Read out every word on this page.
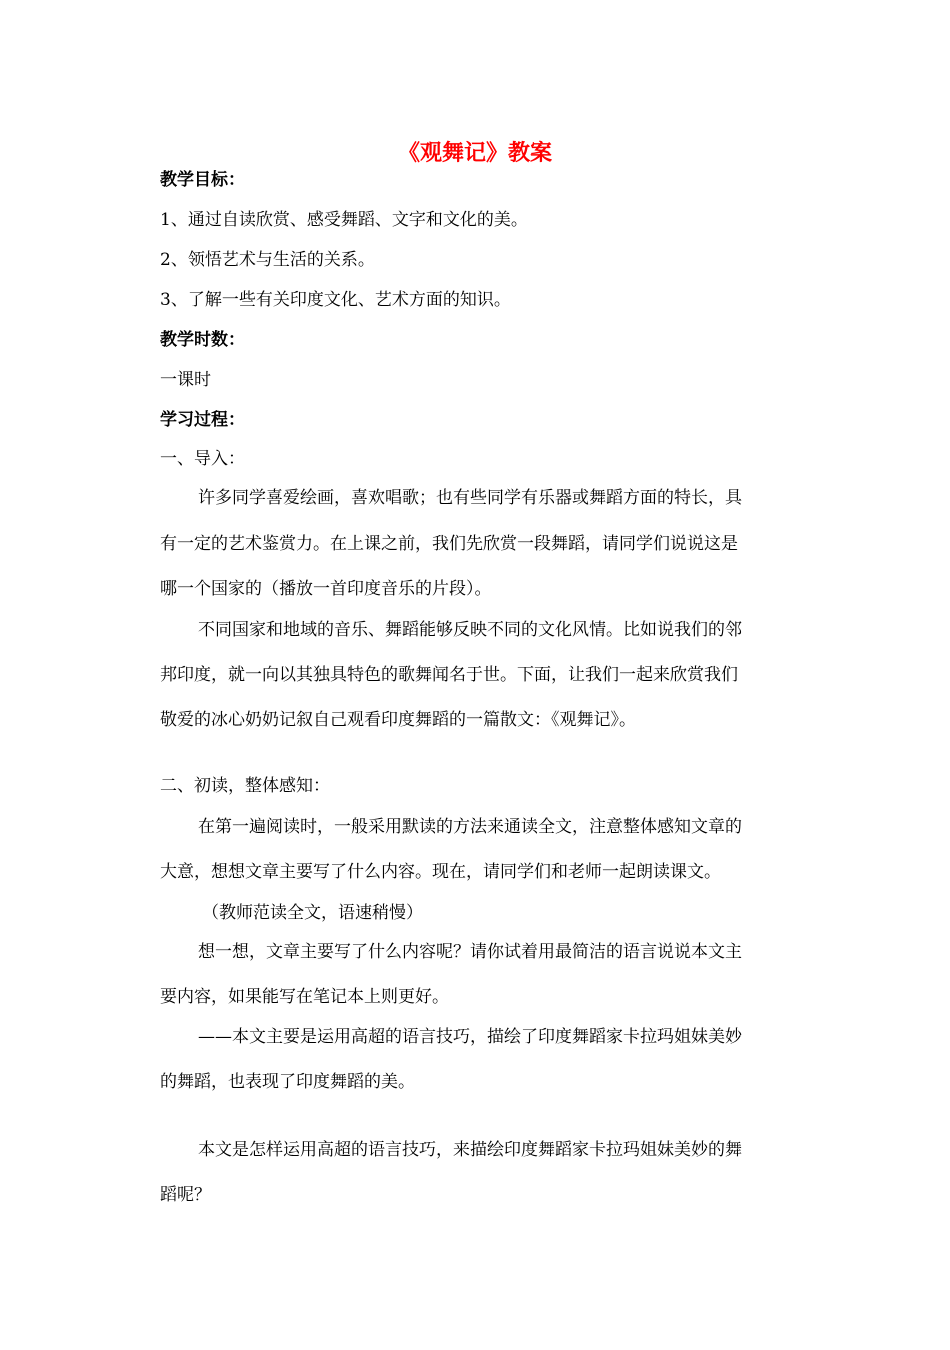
《观舞记》教案
教学目标：
1、通过自读欣赏、感受舞蹈、文字和文化的美。
2、领悟艺术与生活的关系。
3、了解一些有关印度文化、艺术方面的知识。
教学时数：
一课时
学习过程：
一、导入：
许多同学喜爱绘画，喜欢唱歌；也有些同学有乐器或舞蹈方面的特长，具
有一定的艺术鉴赏力。在上课之前，我们先欣赏一段舞蹈，请同学们说说这是
哪一个国家的（播放一首印度音乐的片段）。
不同国家和地域的音乐、舞蹈能够反映不同的文化风情。比如说我们的邻
邦印度，就一向以其独具特色的歌舞闻名于世。下面，让我们一起来欣赏我们
敬爱的冰心奶奶记叙自己观看印度舞蹈的一篇散文：《观舞记》。
二、初读，整体感知：
在第一遍阅读时，一般采用默读的方法来通读全文，注意整体感知文章的
大意，想想文章主要写了什么内容。现在，请同学们和老师一起朗读课文。
（教师范读全文，语速稍慢）
想一想，文章主要写了什么内容呢？请你试着用最简洁的语言说说本文主
要内容，如果能写在笔记本上则更好。
——本文主要是运用高超的语言技巧，描绘了印度舞蹈家卡拉玛姐妹美妙
的舞蹈，也表现了印度舞蹈的美。
本文是怎样运用高超的语言技巧，来描绘印度舞蹈家卡拉玛姐妹美妙的舞
蹈呢？
